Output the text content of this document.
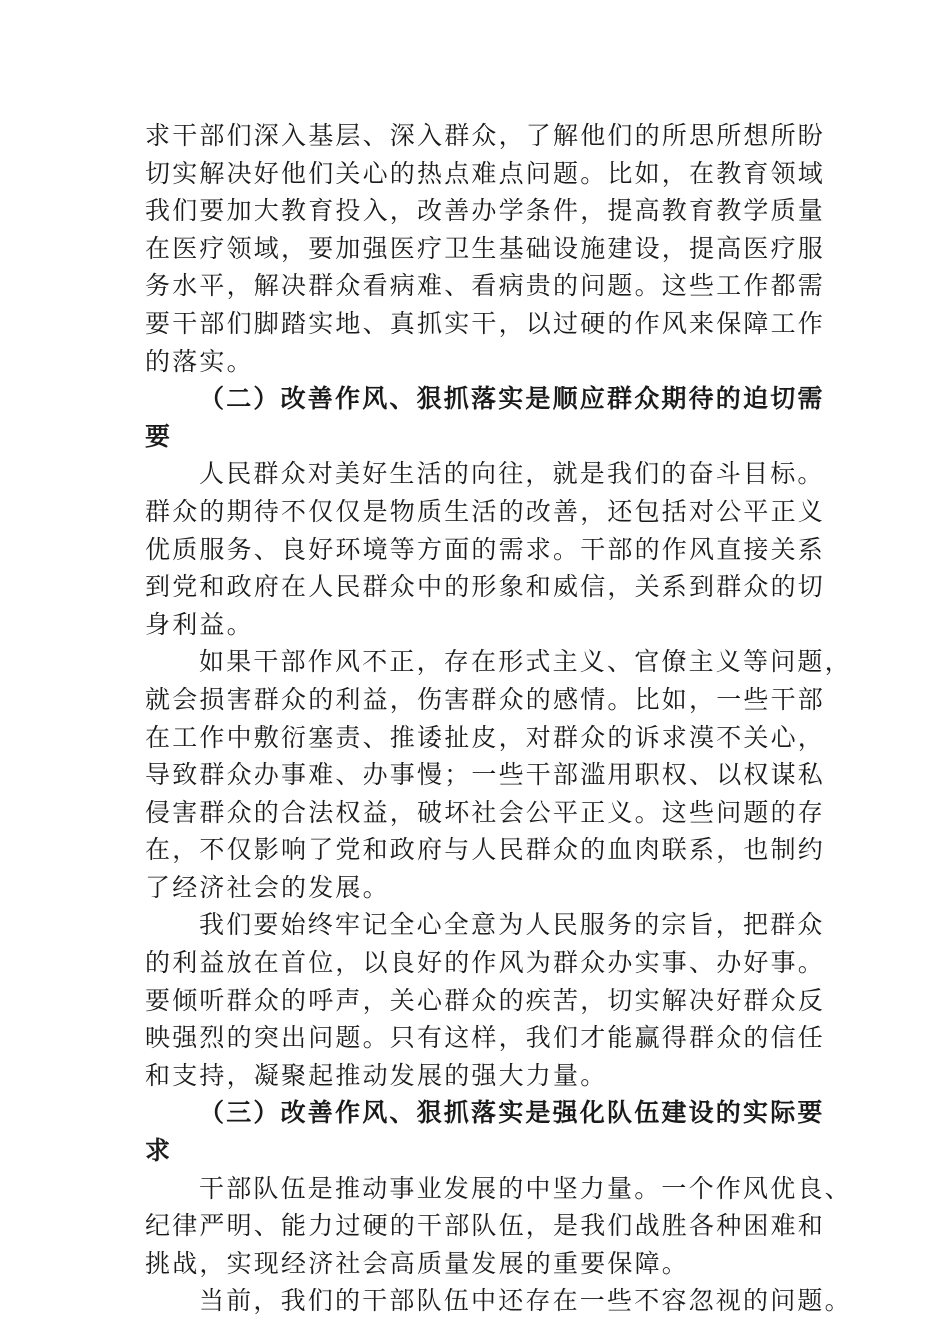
求干部们深入基层、深入群众，了解他们的所思所想所盼
切实解决好他们关心的热点难点问题。比如，在教育领域
我们要加大教育投入，改善办学条件，提高教育教学质量
在医疗领域，要加强医疗卫生基础设施建设，提高医疗服
务水平，解决群众看病难、看病贵的问题。这些工作都需
要干部们脚踏实地、真抓实干，以过硬的作风来保障工作
的落实。
（二）改善作风、狠抓落实是顺应群众期待的迫切需
要
人民群众对美好生活的向往，就是我们的奋斗目标。
群众的期待不仅仅是物质生活的改善，还包括对公平正义
优质服务、良好环境等方面的需求。干部的作风直接关系
到党和政府在人民群众中的形象和威信，关系到群众的切
身利益。
如果干部作风不正，存在形式主义、官僚主义等问题，
就会损害群众的利益，伤害群众的感情。比如，一些干部
在工作中敷衍塞责、推诿扯皮，对群众的诉求漠不关心，
导致群众办事难、办事慢；一些干部滥用职权、以权谋私
侵害群众的合法权益，破坏社会公平正义。这些问题的存
在，不仅影响了党和政府与人民群众的血肉联系，也制约
了经济社会的发展。
我们要始终牢记全心全意为人民服务的宗旨，把群众
的利益放在首位，以良好的作风为群众办实事、办好事。
要倾听群众的呼声，关心群众的疾苦，切实解决好群众反
映强烈的突出问题。只有这样，我们才能赢得群众的信任
和支持，凝聚起推动发展的强大力量。
（三）改善作风、狠抓落实是强化队伍建设的实际要
求
干部队伍是推动事业发展的中坚力量。一个作风优良、
纪律严明、能力过硬的干部队伍，是我们战胜各种困难和
挑战，实现经济社会高质量发展的重要保障。
当前，我们的干部队伍中还存在一些不容忽视的问题。
